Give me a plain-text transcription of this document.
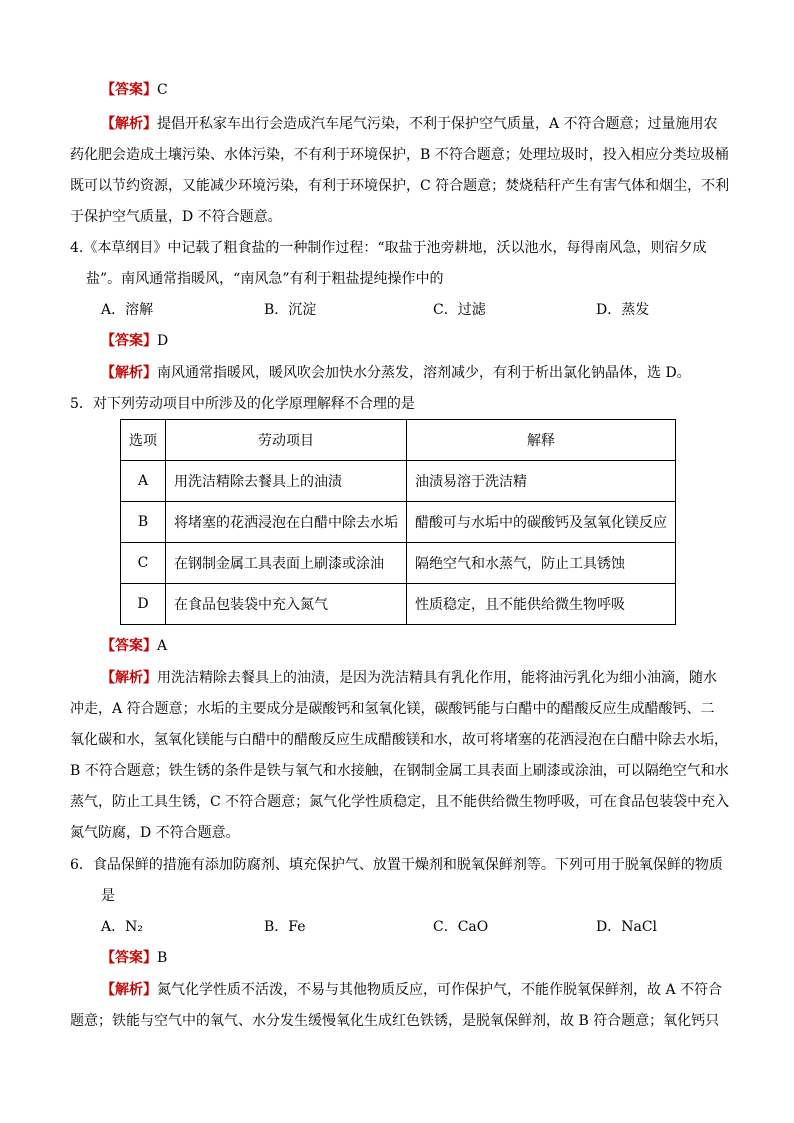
【答案】C
【解析】提倡开私家车出行会造成汽车尾气污染，不利于保护空气质量，A 不符合题意；过量施用农
药化肥会造成土壤污染、水体污染，不有利于环境保护，B 不符合题意；处理垃圾时，投入相应分类垃圾桶
既可以节约资源，又能减少环境污染，有利于环境保护，C 符合题意；焚烧秸秆产生有害气体和烟尘，不利
于保护空气质量，D 不符合题意。
4.《本草纲目》中记载了粗食盐的一种制作过程：“取盐于池旁耕地，沃以池水，每得南风急，则宿夕成
盐”。南风通常指暖风，“南风急”有利于粗盐提纯操作中的
A．溶解	B．沉淀	C．过滤	D．蒸发
【答案】D
【解析】南风通常指暖风，暖风吹会加快水分蒸发，溶剂减少，有利于析出氯化钠晶体，选 D。
5．对下列劳动项目中所涉及的化学原理解释不合理的是
选项	劳动项目	解释
A	用洗洁精除去餐具上的油渍	油渍易溶于洗洁精
B	将堵塞的花洒浸泡在白醋中除去水垢	醋酸可与水垢中的碳酸钙及氢氧化镁反应
C	在钢制金属工具表面上刷漆或涂油	隔绝空气和水蒸气，防止工具锈蚀
D	在食品包装袋中充入氮气	性质稳定，且不能供给微生物呼吸
【答案】A
【解析】用洗洁精除去餐具上的油渍，是因为洗洁精具有乳化作用，能将油污乳化为细小油滴，随水
冲走，A 符合题意；水垢的主要成分是碳酸钙和氢氧化镁，碳酸钙能与白醋中的醋酸反应生成醋酸钙、二
氧化碳和水，氢氧化镁能与白醋中的醋酸反应生成醋酸镁和水，故可将堵塞的花洒浸泡在白醋中除去水垢，
B 不符合题意；铁生锈的条件是铁与氧气和水接触，在钢制金属工具表面上刷漆或涂油，可以隔绝空气和水
蒸气，防止工具生锈，C 不符合题意；氮气化学性质稳定，且不能供给微生物呼吸，可在食品包装袋中充入
氮气防腐，D 不符合题意。
6．食品保鲜的措施有添加防腐剂、填充保护气、放置干燥剂和脱氧保鲜剂等。下列可用于脱氧保鲜的物质
是
A．N₂	B．Fe	C．CaO	D．NaCl
【答案】B
【解析】氮气化学性质不活泼，不易与其他物质反应，可作保护气，不能作脱氧保鲜剂，故 A 不符合
题意；铁能与空气中的氧气、水分发生缓慢氧化生成红色铁锈，是脱氧保鲜剂，故 B 符合题意；氧化钙只
